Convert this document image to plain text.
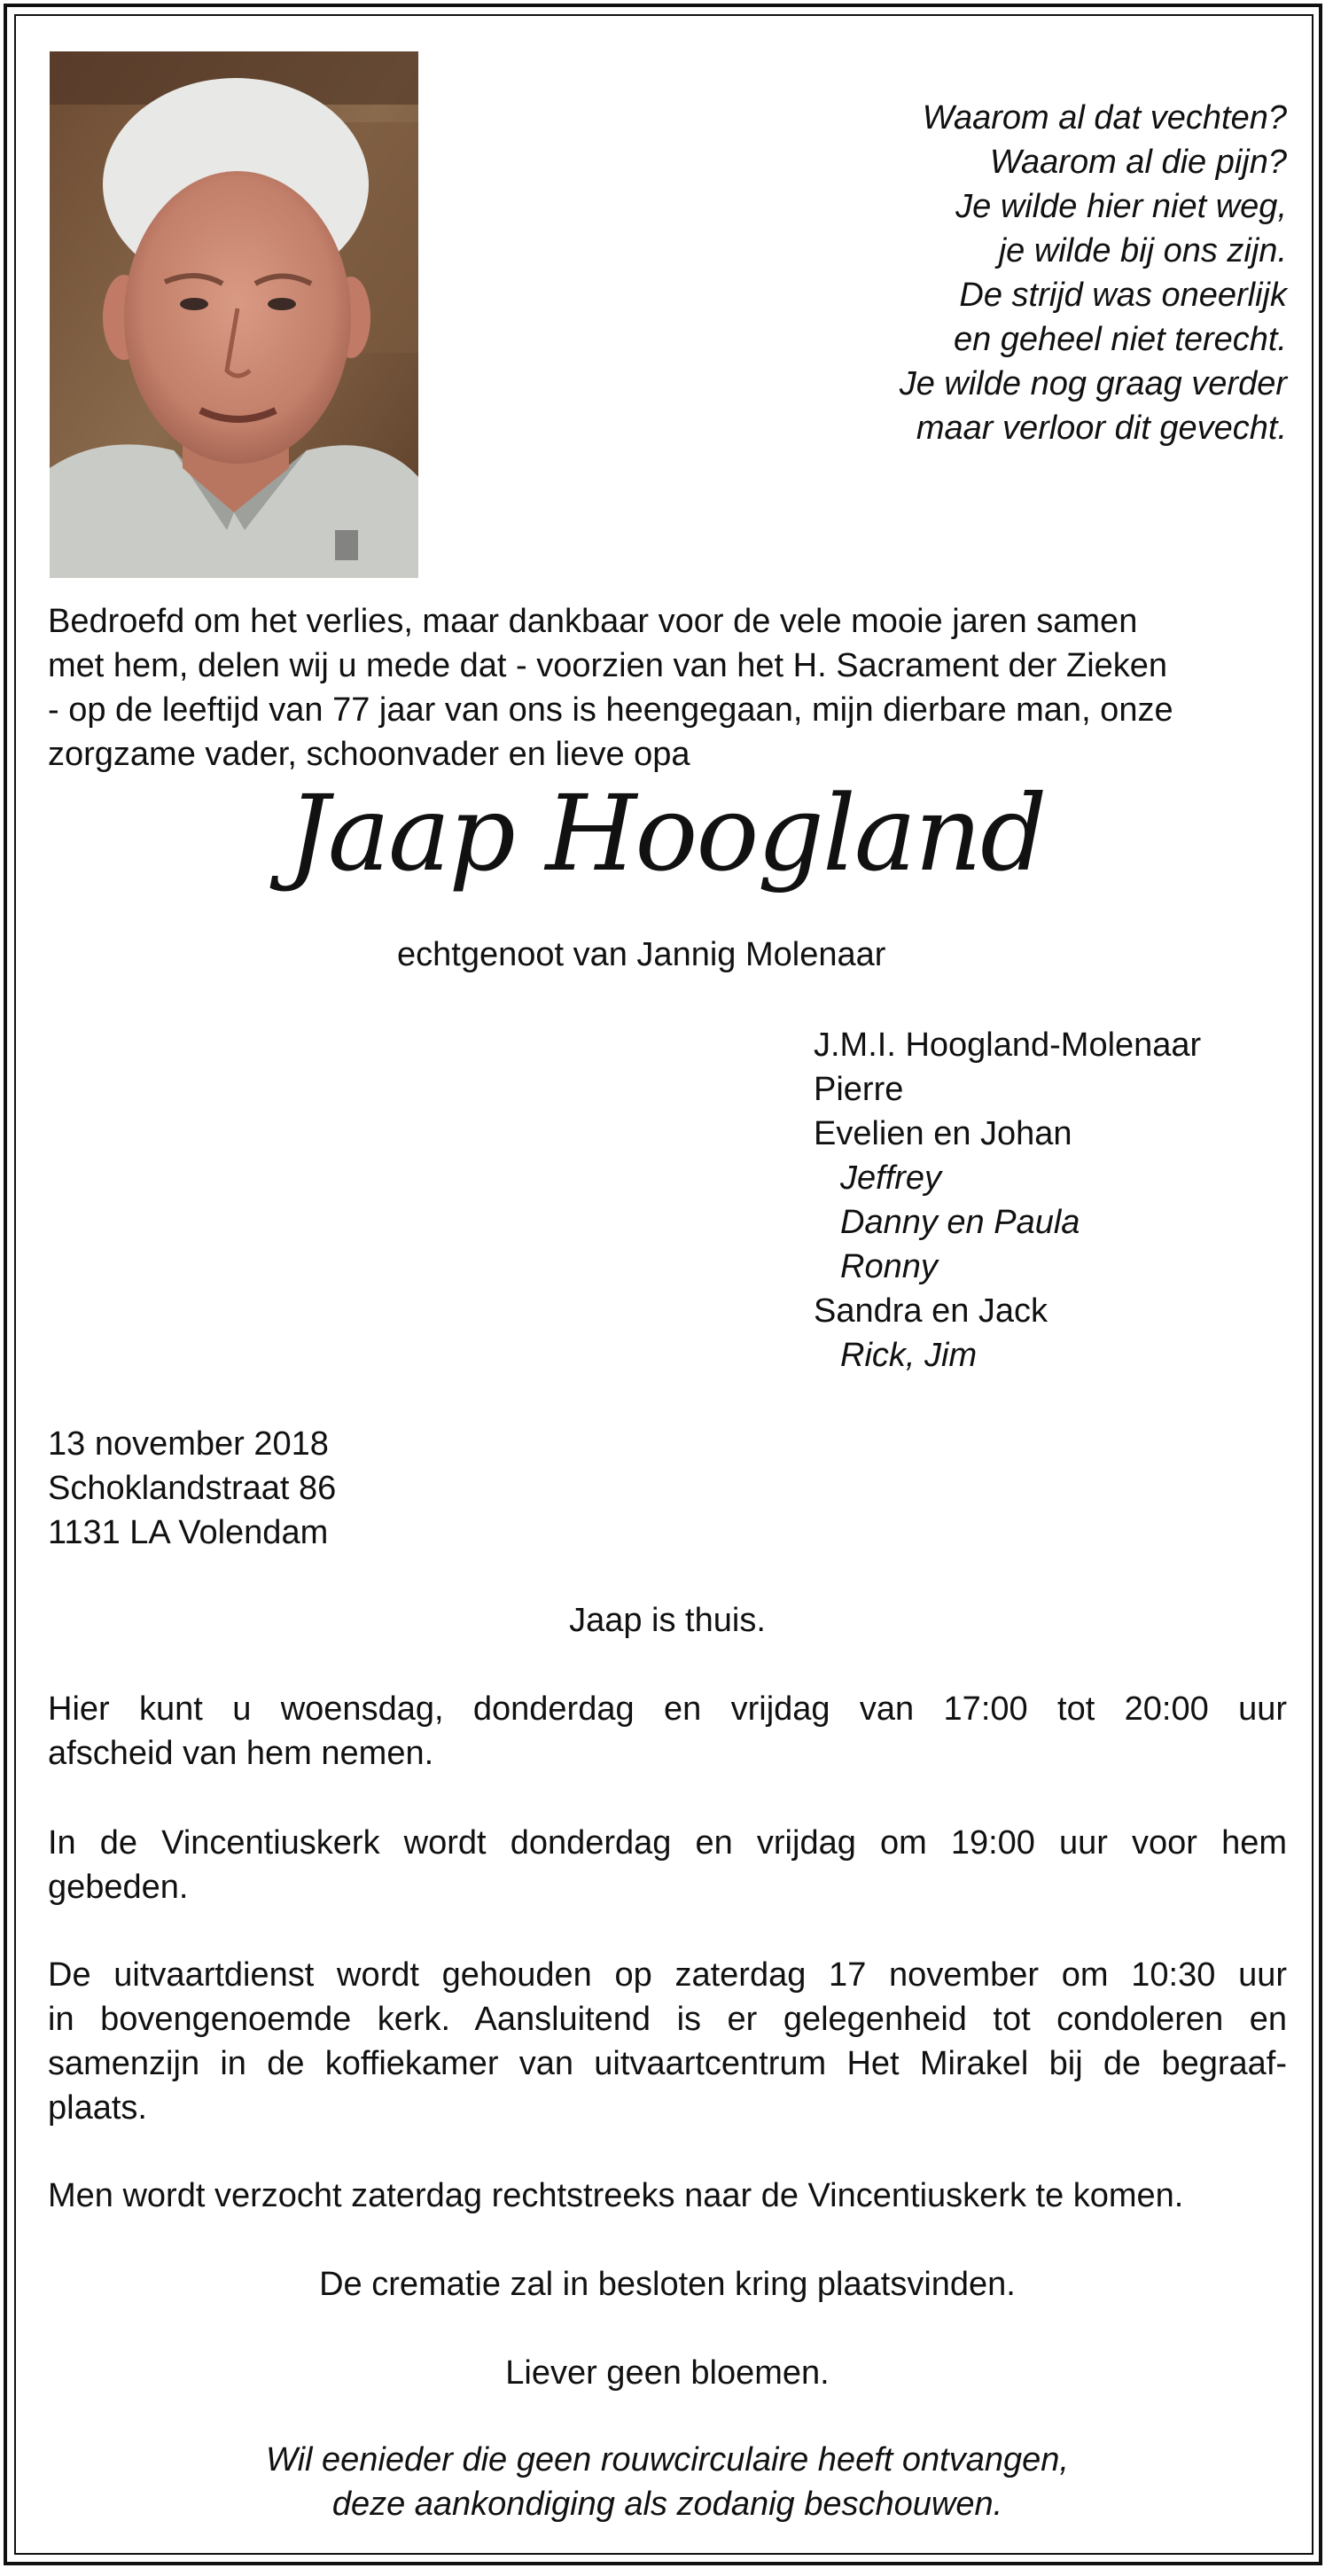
Waarom al dat vechten?
Waarom al die pijn?
Je wilde hier niet weg,
je wilde bij ons zijn.
De strijd was oneerlijk
en geheel niet terecht.
Je wilde nog graag verder
maar verloor dit gevecht.
Bedroefd om het verlies, maar dankbaar voor de vele mooie jaren samen
met hem, delen wij u mede dat - voorzien van het H. Sacrament der Zieken
- op de leeftijd van 77 jaar van ons is heengegaan, mijn dierbare man, onze
zorgzame vader, schoonvader en lieve opa
Jaap Hoogland
echtgenoot van Jannig Molenaar
J.M.I. Hoogland-Molenaar
Pierre
Evelien en Johan
Jeffrey
Danny en Paula
Ronny
Sandra en Jack
Rick, Jim
13 november 2018
Schoklandstraat 86
1131 LA Volendam
Jaap is thuis.
Hier kunt u woensdag, donderdag en vrijdag van 17:00 tot 20:00 uur
afscheid van hem nemen.
In de Vincentiuskerk wordt donderdag en vrijdag om 19:00 uur voor hem
gebeden.
De uitvaartdienst wordt gehouden op zaterdag 17 november om 10:30 uur
in bovengenoemde kerk. Aansluitend is er gelegenheid tot condoleren en
samenzijn in de koffiekamer van uitvaartcentrum Het Mirakel bij de begraaf-
plaats.
Men wordt verzocht zaterdag rechtstreeks naar de Vincentiuskerk te komen.
De crematie zal in besloten kring plaatsvinden.
Liever geen bloemen.
Wil eenieder die geen rouwcirculaire heeft ontvangen,
deze aankondiging als zodanig beschouwen.
